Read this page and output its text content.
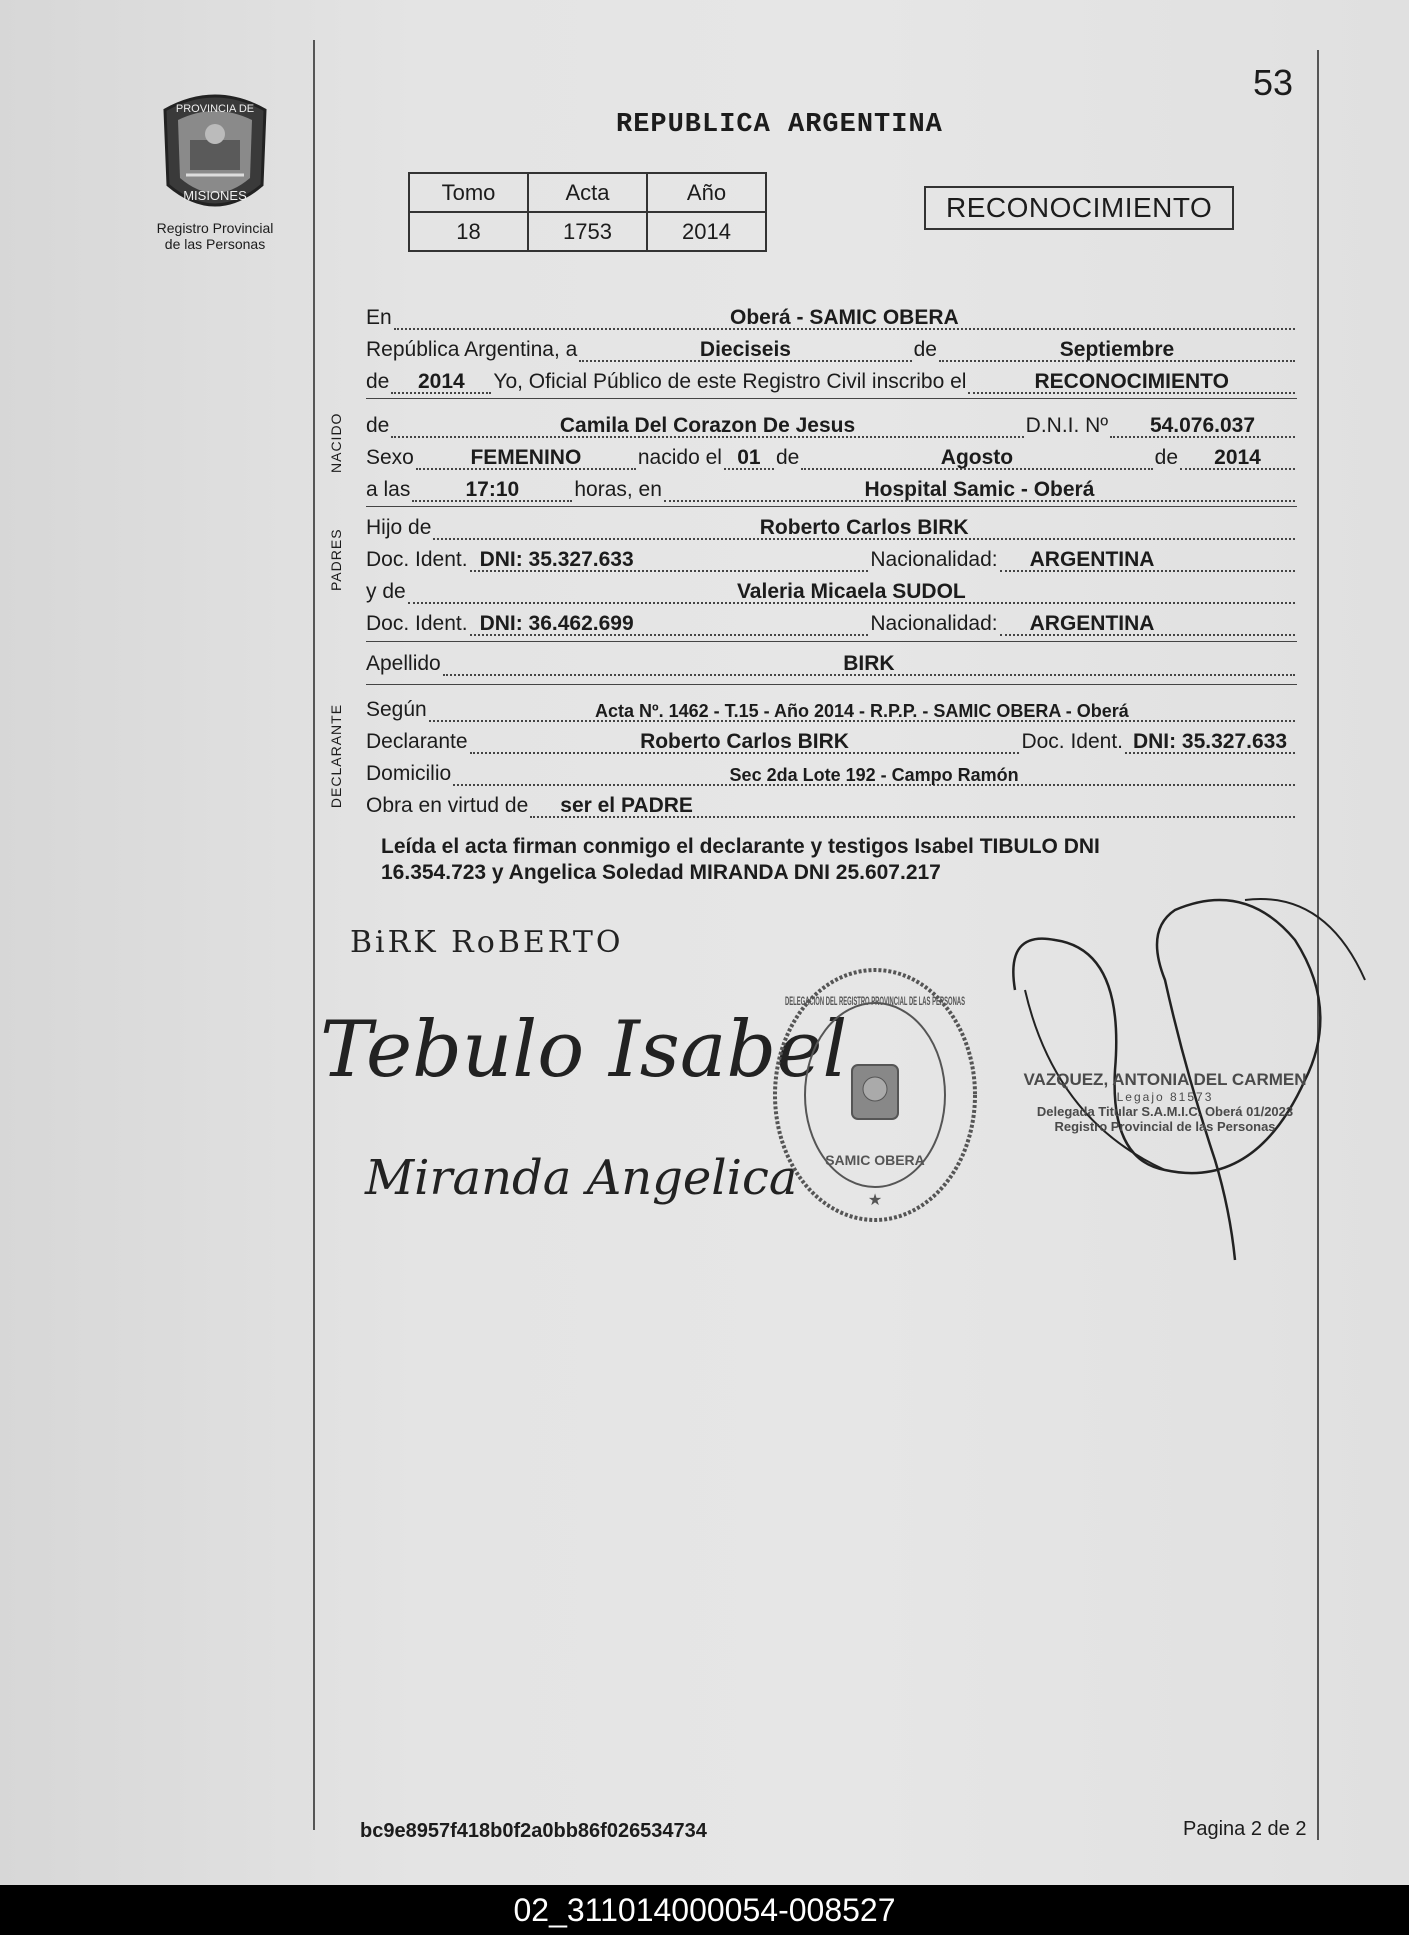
PROVINCIA DE
MISIONES
Registro Provincial
de las Personas
53
REPUBLICA ARGENTINA
Tomo	Acta	Año
18	1753	2014
RECONOCIMIENTO
En	Oberá - SAMIC OBERA
República Argentina, a	Dieciseis	de	Septiembre
de	2014	Yo, Oficial Público de este Registro Civil inscribo el	RECONOCIMIENTO
NACIDO de	Camila Del Corazon De Jesus	D.N.I. Nº	54.076.037
Sexo	FEMENINO	nacido el 01 de	Agosto	de	2014
a las	17:10	horas, en	Hospital Samic - Oberá
PADRES
Hijo de	Roberto Carlos BIRK
Doc. Ident. DNI: 35.327.633	Nacionalidad:	ARGENTINA
y de	Valeria Micaela SUDOL
Doc. Ident. DNI: 36.462.699	Nacionalidad:	ARGENTINA
Apellido	BIRK
DECLARANTE Según	Acta Nº. 1462 - T.15 - Año 2014 - R.P.P. - SAMIC OBERA - Oberá
Declarante	Roberto Carlos BIRK	Doc. Ident. DNI: 35.327.633
Domicilio	Sec 2da Lote 192 - Campo Ramón
Obra en virtud de	ser el PADRE
Leída el acta firman conmigo el declarante y testigos Isabel TIBULO DNI
16.354.723 y Angelica Soledad MIRANDA DNI 25.607.217
BiRK RoBERTO
Tebulo Isabel
Miranda Angelica
DELEGACION DEL REGISTRO PROVINCIAL DE LAS PERSONAS
SAMIC OBERA
★
VAZQUEZ, ANTONIA DEL CARMEN
Legajo 81573
Delegada Titular S.A.M.I.C. Oberá 01/2023
Registro Provincial de las Personas
bc9e8957f418b0f2a0bb86f026534734	Pagina 2 de 2
02_311014000054-008527
